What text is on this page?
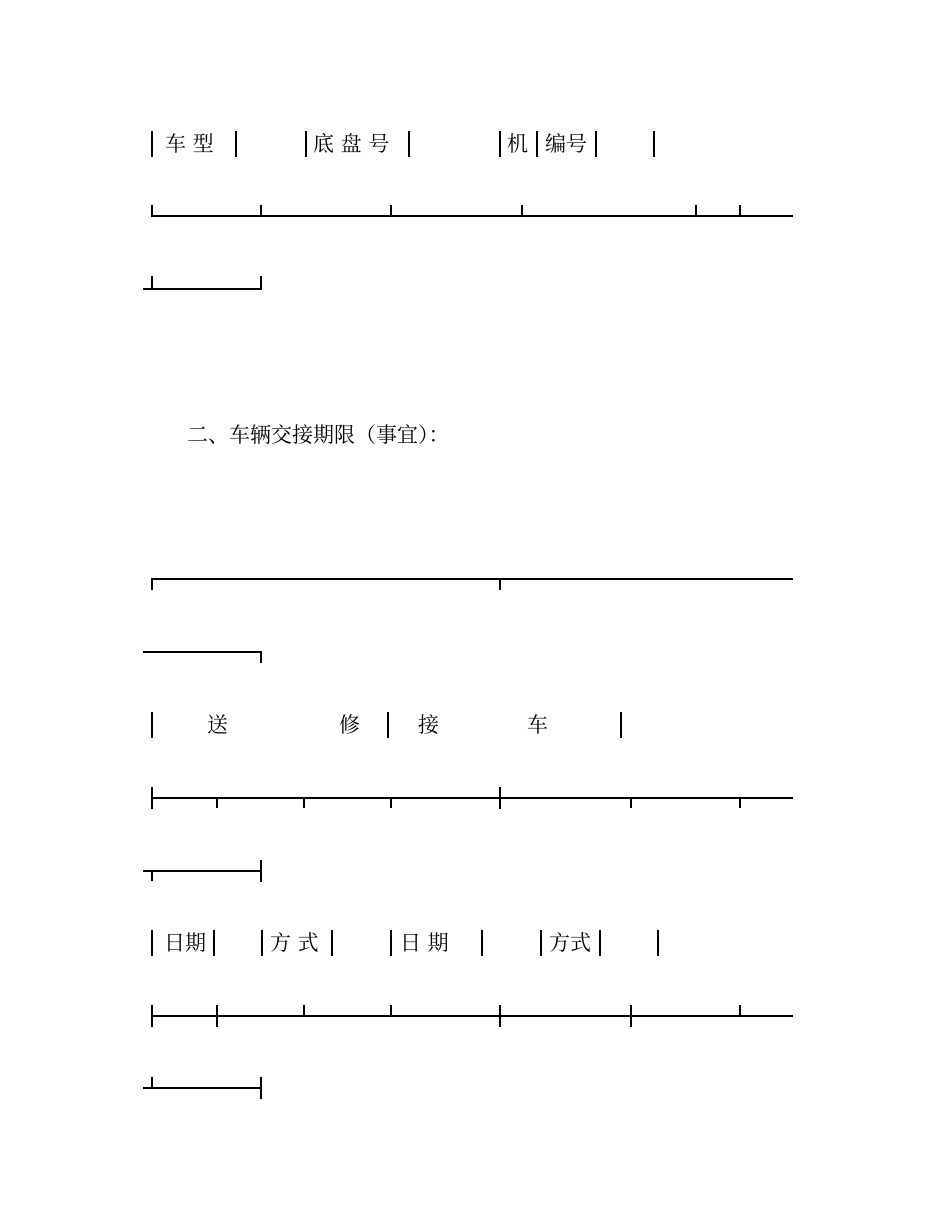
车 型	底 盘 号	机 编号
二、车辆交接期限（事宜）：
送	修	接	车
日期	方 式	日 期	方式
